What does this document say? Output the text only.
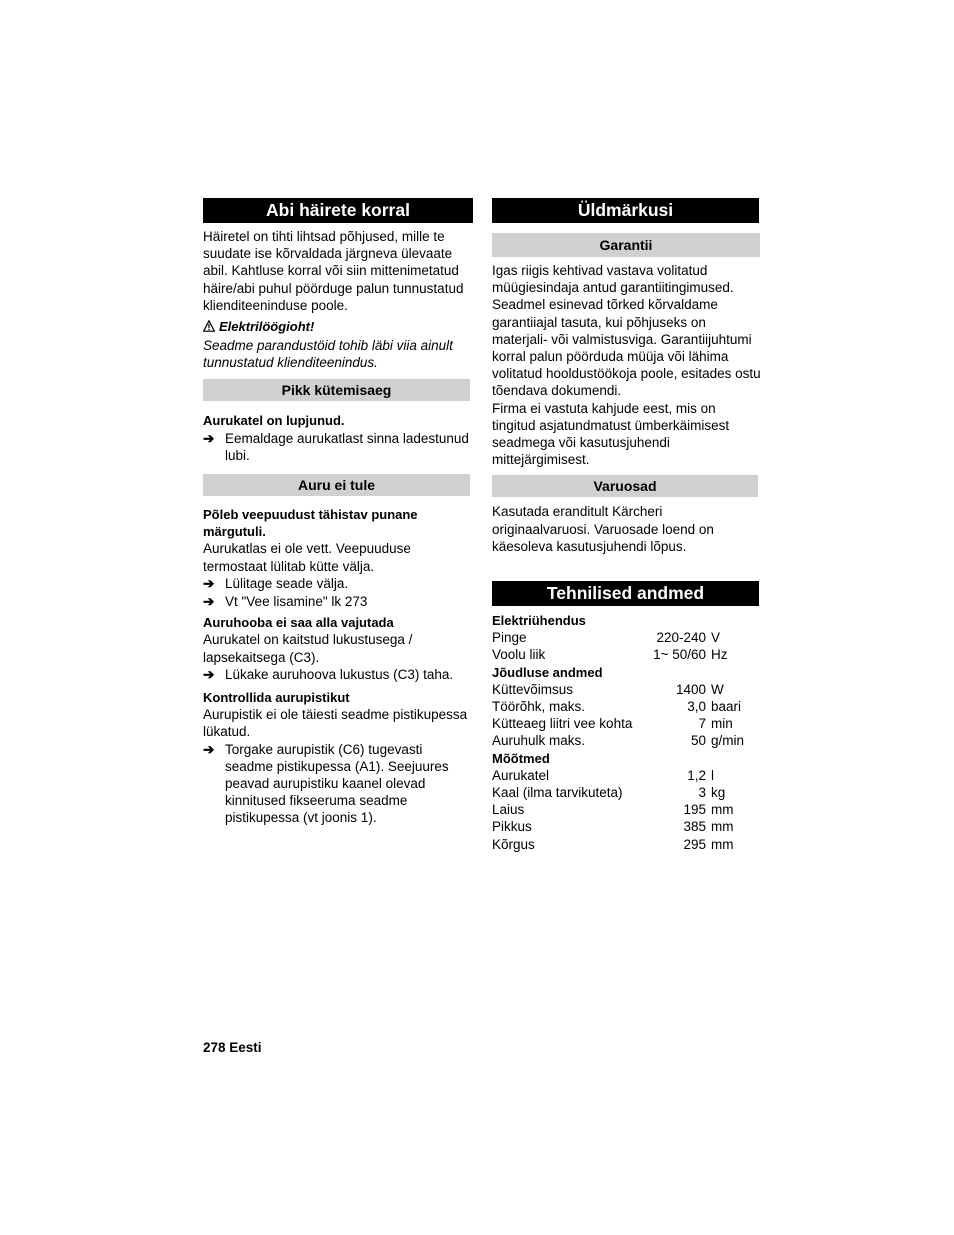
Abi häirete korral

Häiretel on tihti lihtsad põhjused, mille te suudate ise kõrvaldada järgneva ülevaate abil. Kahtluse korral või siin mittenimetatud häire/abi puhul pöörduge palun tunnustatud klienditeeninduse poole.

Elektrilöögioht!

Seadme parandustöid tohib läbi viia ainult tunnustatud klienditeenindus.

Pikk kütemisaeg

Aurukatel on lupjunud.

➔ Eemaldage aurukatlast sinna ladestunud lubi.
Auru ei tule

Põleb veepuudust tähistav punane märgutuli.

Aurukatlas ei ole vett. Veepuuduse termostaat lülitab kütte välja.

➔ Lülitage seade välja.
➔ Vt "Vee lisamine" lk 273

Auruhooba ei saa alla vajutada

Aurukatel on kaitstud lukustusega / lapsekaitsega (C3).

➔ Lükake auruhoova lukustus (C3) taha.

Kontrollida aurupistikut

Aurupistik ei ole täiesti seadme pistikupessa lükatud.

➔ Torgake aurupistik (C6) tugevasti seadme pistikupessa (A1). Seejuures peavad aurupistiku kaanel olevad kinnitused fikseeruma seadme pistikupessa (vt joonis 1).
Üldmärkusi
Garantii

Igas riigis kehtivad vastava volitatud müügiesindaja antud garantiitingimused. Seadmel esinevad tõrked kõrvaldame garantiiajal tasuta, kui põhjuseks on materjali- või valmistusviga. Garantiijuhtumi korral palun pöörduda müüja või lähima volitatud hooldustöökoja poole, esitades ostu tõendava dokumendi.

Firma ei vastuta kahjude eest, mis on tingitud asjatundmatust ümberkäimisest seadmega või kasutusjuhendi mittejärgimisest.

Varuosad

Kasutada eranditult Kärcheri originaalvaruosi. Varuosade loend on käesoleva kasutusjuhendi lõpus.

Tehnilised andmed
Elektriühendus		
Pinge	220-240	V
Voolu liik	1~ 50/60	Hz
Jõudluse andmed		
Küttevõimsus	1400	W
Töörõhk, maks.	3,0	baari
Kütteaeg liitri vee kohta	7	min
Auruhulk maks.	50	g/min
Mõõtmed		
Aurukatel	1,2	l
Kaal (ilma tarvikuteta)	3	kg
Laius	195	mm
Pikkus	385	mm
Kõrgus	295	mm
278 Eesti
